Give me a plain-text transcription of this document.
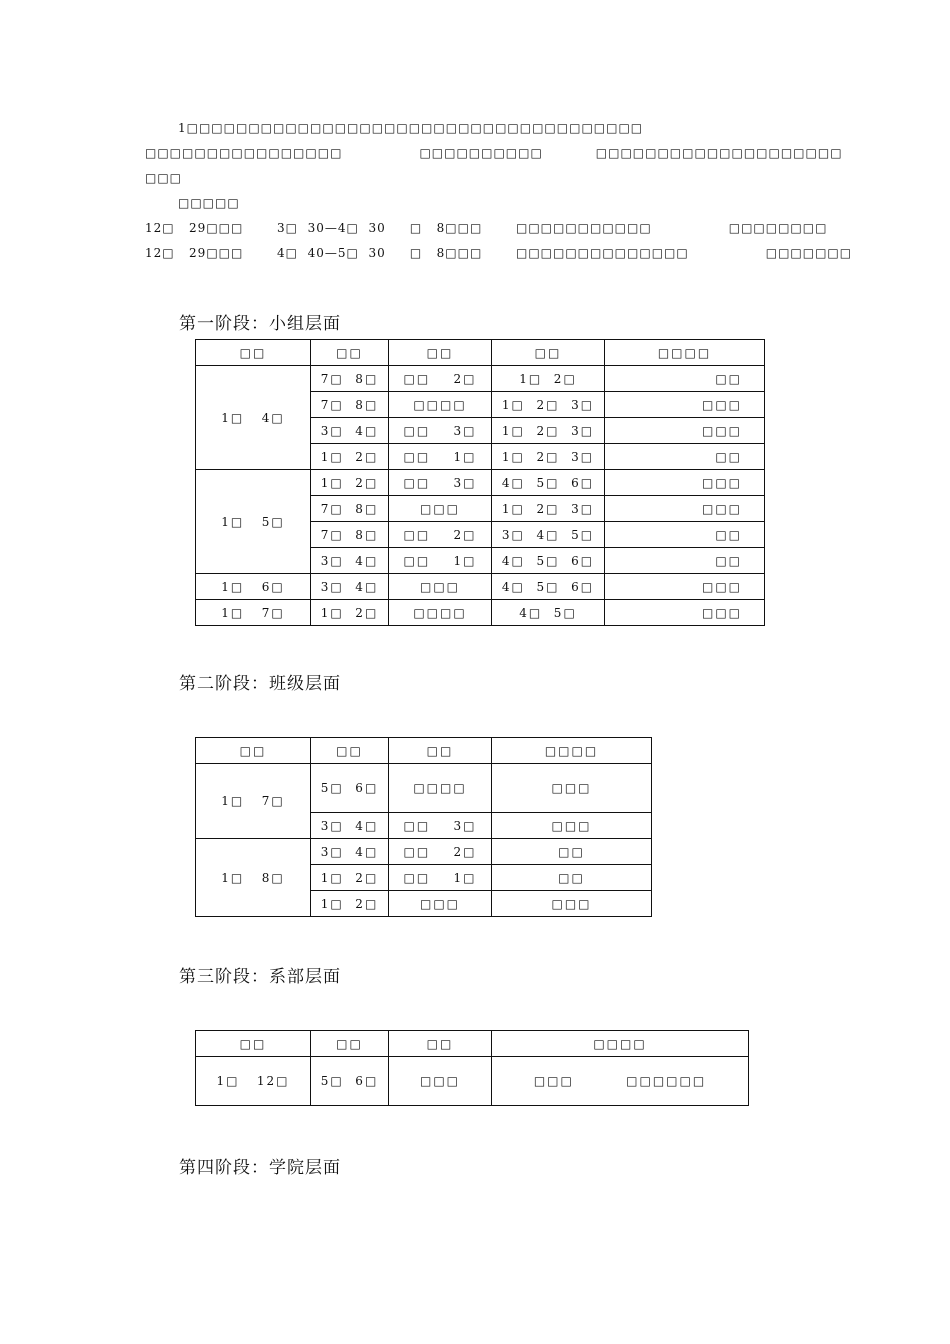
1□□□□□□□□□□□□□□□□□□□□□□□□□□□□□□□□□□□□□
□□□□□□□□□□□□□□□□                □□□□□□□□□□           □□□□□□□□□□□□□□□□□□□□
□□□
□□□□□
12□   29□□□       3□  30—4□  30     □   8□□□       □□□□□□□□□□□                □□□□□□□□
12□   29□□□       4□  40—5□  30     □   8□□□       □□□□□□□□□□□□□□                □□□□□□□
第一阶段：小组层面
□□	□□	□□	□□	□□□□
1□   4□	7□  8□	□□    2□	1□  2□	□□
	7□  8□	□□□□	1□  2□  3□	□□□
	3□  4□	□□    3□	1□  2□  3□	□□□
	1□  2□	□□    1□	1□  2□  3□	□□
1□   5□	1□  2□	□□    3□	4□  5□  6□	□□□
	7□  8□	□□□	1□  2□  3□	□□□
	7□  8□	□□    2□	3□  4□  5□	□□
	3□  4□	□□    1□	4□  5□  6□	□□
1□   6□	3□  4□	□□□	4□  5□  6□	□□□
1□   7□	1□  2□	□□□□	4□  5□	□□□
第二阶段：班级层面
□□	□□	□□	□□□□
1□   7□	5□  6□	□□□□	□□□
	3□  4□	□□    3□	□□□
1□   8□	3□  4□	□□    2□	□□
	1□  2□	□□    1□	□□
	1□  2□	□□□	□□□
第三阶段：系部层面
□□	□□	□□	□□□□
1□   12□	5□  6□	□□□	□□□         □□□□□□
第四阶段：学院层面
